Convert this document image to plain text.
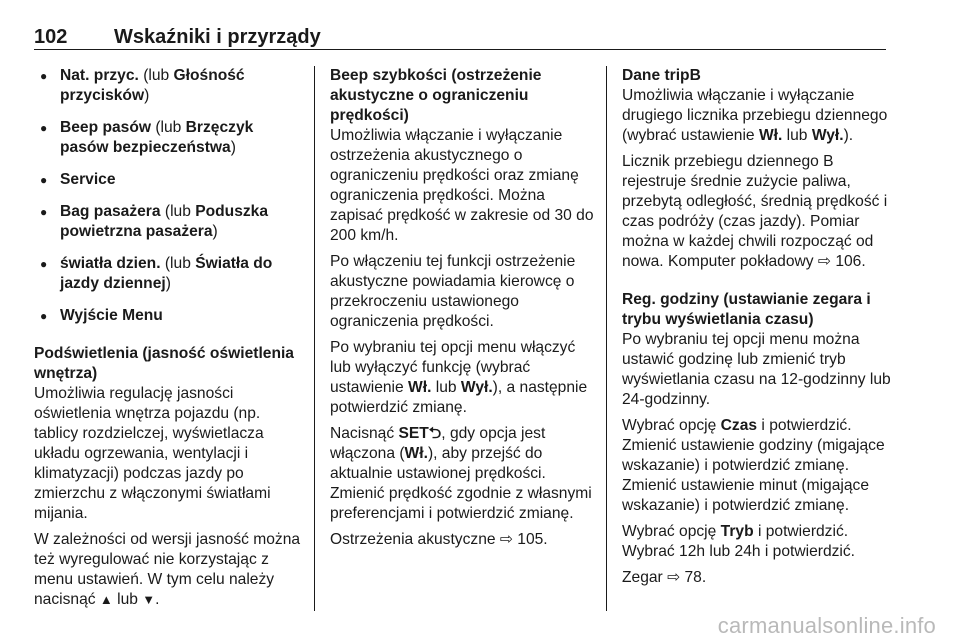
102 Wskaźniki i przyrządy
● Nat. przyc. (lub Głośność przycisków)
● Beep pasów (lub Brzęczyk pasów bezpieczeństwa)
● Service
● Bag pasażera (lub Poduszka powietrzna pasażera)
● światła dzien. (lub Światła do jazdy dziennej)
● Wyjście Menu
Podświetlenia (jasność oświetlenia wnętrza)

Umożliwia regulację jasności oświetlenia wnętrza pojazdu (np. tablicy rozdzielczej, wyświetlacza układu ogrzewania, wentylacji i klimatyzacji) podczas jazdy po zmierzchu z włączonymi światłami mijania.

W zależności od wersji jasność można też wyregulować nie korzystając z menu ustawień. W tym celu należy nacisnąć ▲ lub ▼.

Beep szybkości (ostrzeżenie akustyczne o ograniczeniu prędkości)

Umożliwia włączanie i wyłączanie ostrzeżenia akustycznego o ograniczeniu prędkości oraz zmianę ograniczenia prędkości. Można zapisać prędkość w zakresie od 30 do 200 km/h.

Po włączeniu tej funkcji ostrzeżenie akustyczne powiadamia kierowcę o przekroczeniu ustawionego ograniczenia prędkości.

Po wybraniu tej opcji menu włączyć lub wyłączyć funkcję (wybrać ustawienie Wł. lub Wył.), a następnie potwierdzić zmianę.

Nacisnąć SET⮌, gdy opcja jest włączona (Wł.), aby przejść do aktualnie ustawionej prędkości. Zmienić prędkość zgodnie z własnymi preferencjami i potwierdzić zmianę.

Ostrzeżenia akustyczne ⇨ 105.

Dane tripB

Umożliwia włączanie i wyłączanie drugiego licznika przebiegu dziennego (wybrać ustawienie Wł. lub Wył.).

Licznik przebiegu dziennego B rejestruje średnie zużycie paliwa, przebytą odległość, średnią prędkość i czas podróży (czas jazdy). Pomiar można w każdej chwili rozpocząć od nowa. Komputer pokładowy ⇨ 106.

Reg. godziny (ustawianie zegara i trybu wyświetlania czasu)

Po wybraniu tej opcji menu można ustawić godzinę lub zmienić tryb wyświetlania czasu na 12-godzinny lub 24-godzinny.

Wybrać opcję Czas i potwierdzić. Zmienić ustawienie godziny (migające wskazanie) i potwierdzić zmianę. Zmienić ustawienie minut (migające wskazanie) i potwierdzić zmianę.

Wybrać opcję Tryb i potwierdzić. Wybrać 12h lub 24h i potwierdzić.

Zegar ⇨ 78.

carmanualsonline.info
